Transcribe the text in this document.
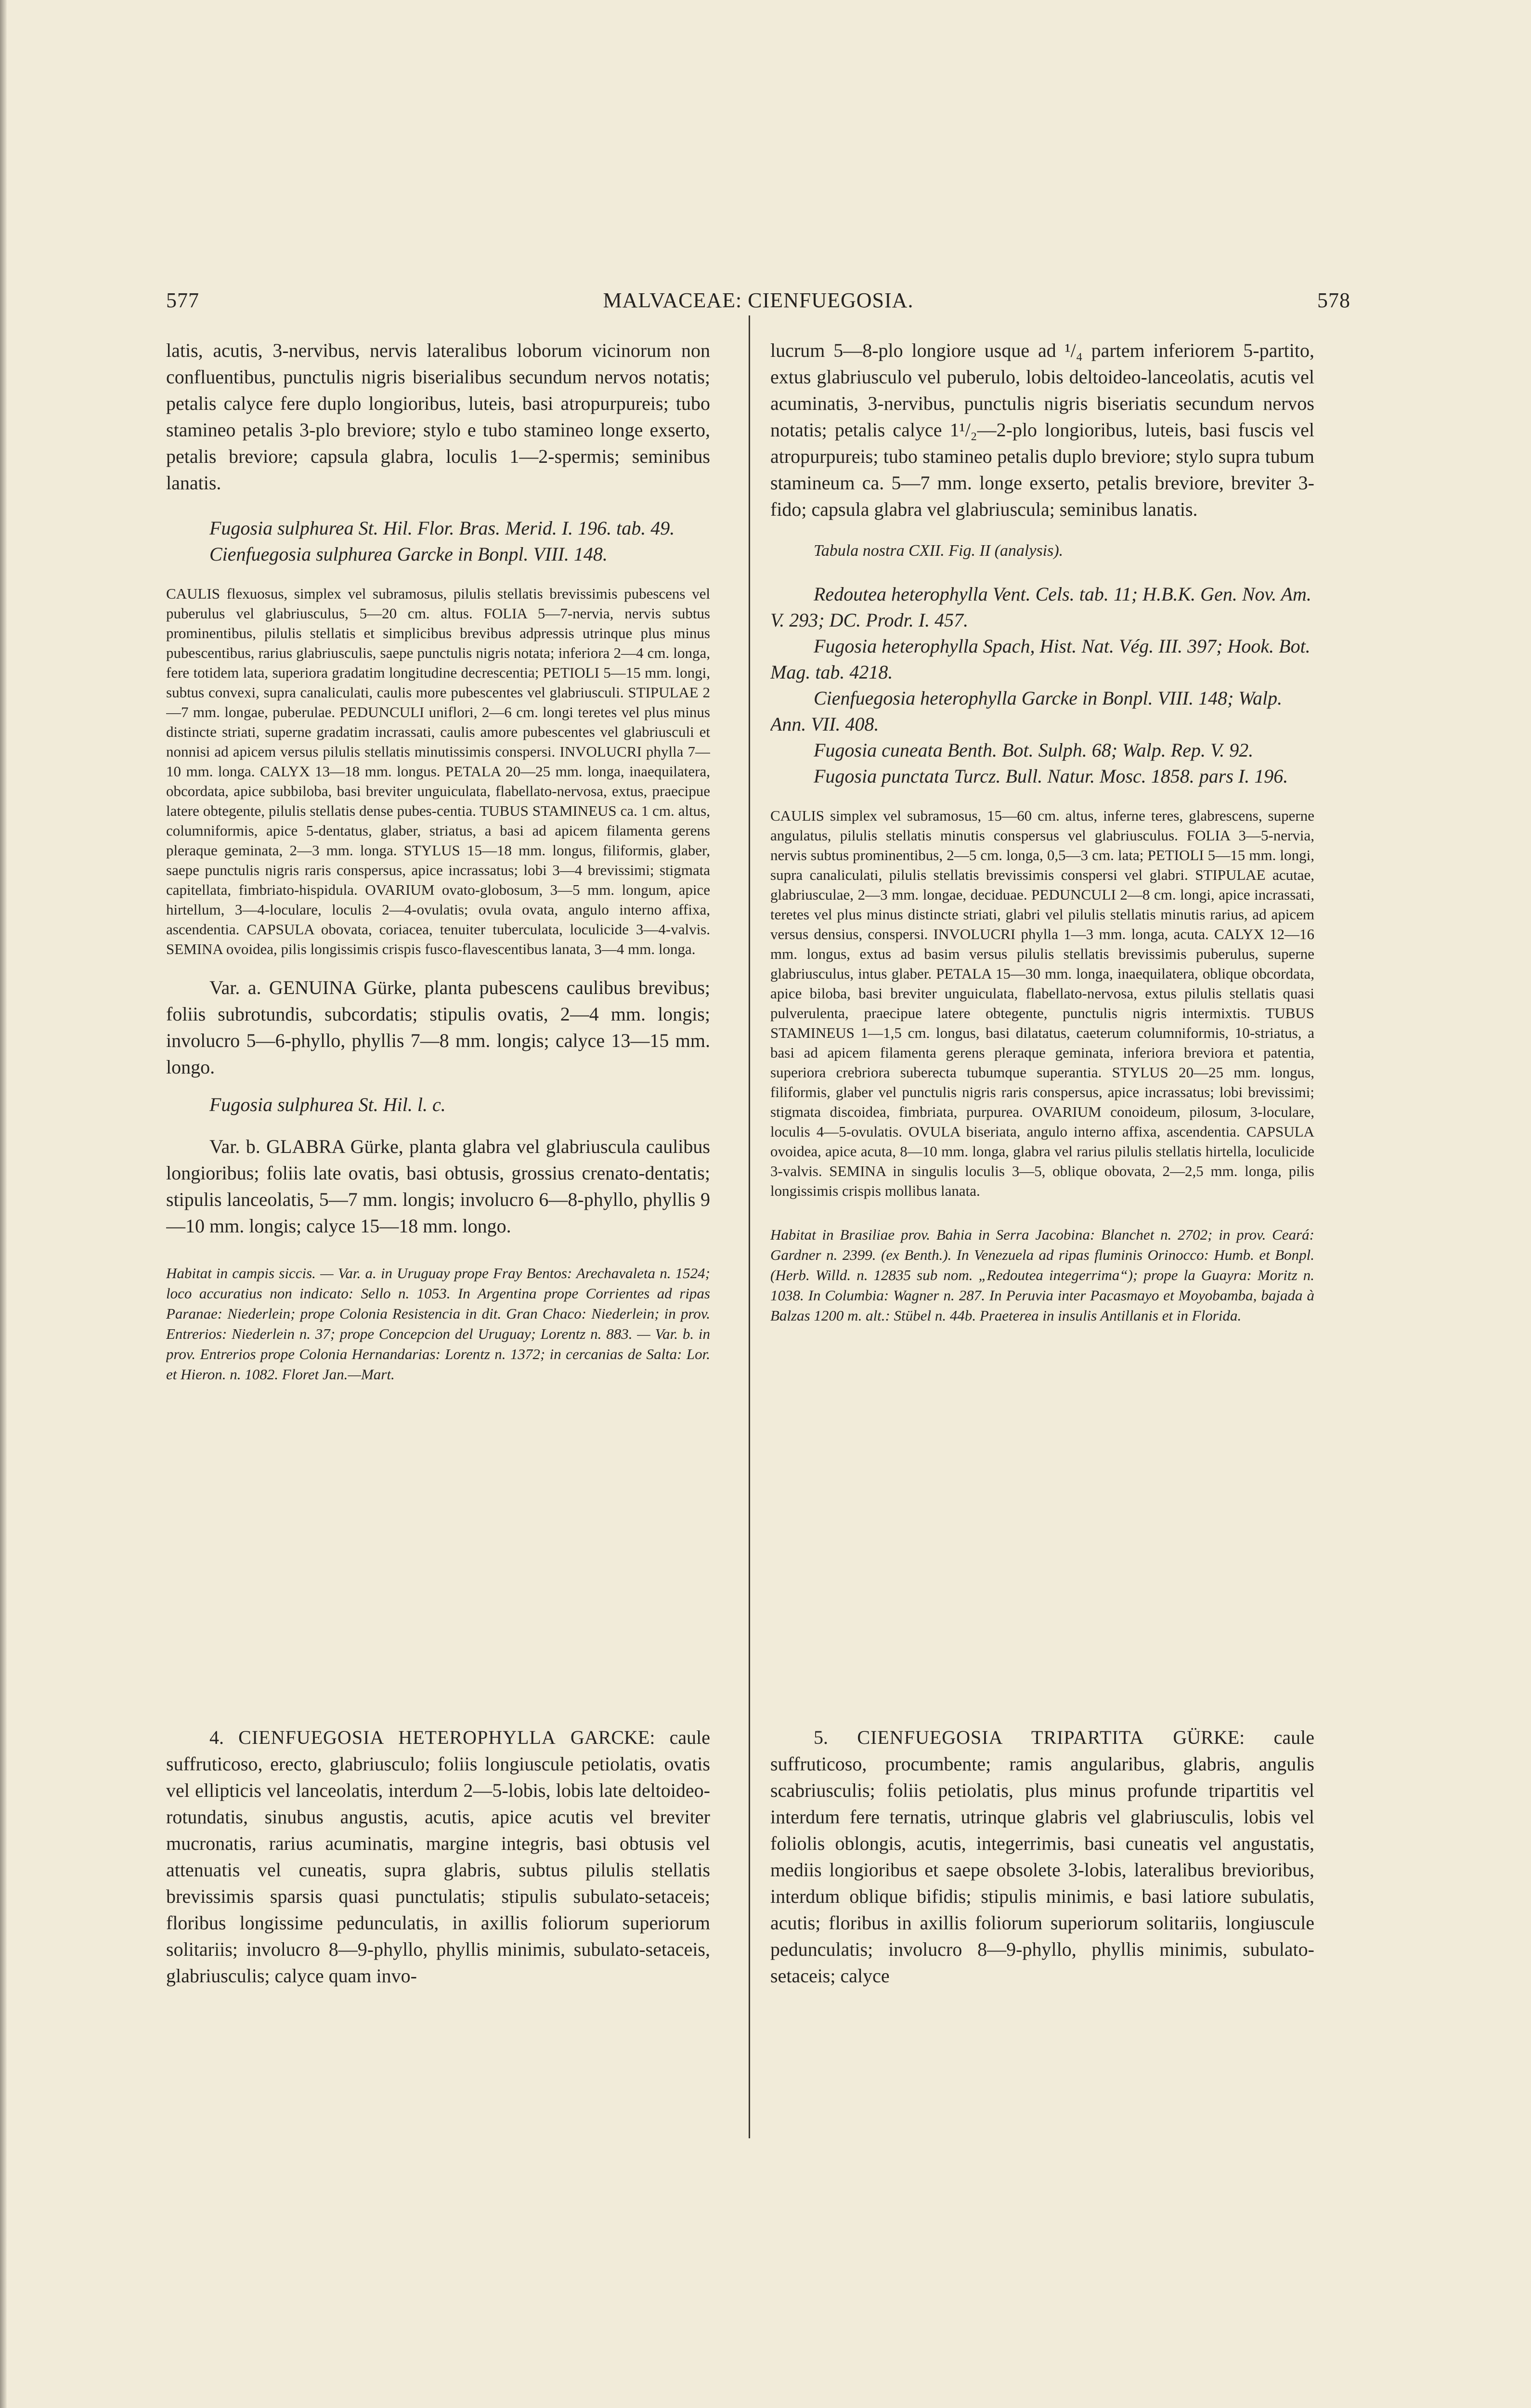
577	MALVACEAE: CIENFUEGOSIA.	578

latis, acutis, 3-nervibus, nervis lateralibus loborum vicinorum non confluentibus, punctulis nigris biserialibus secundum nervos notatis; petalis calyce fere duplo longioribus, luteis, basi atropurpureis; tubo stamineo petalis 3-plo breviore; stylo e tubo stamineo longe exserto, petalis breviore; capsula glabra, loculis 1—2-spermis; seminibus lanatis.

Fugosia sulphurea St. Hil. Flor. Bras. Merid. I. 196. tab. 49.
Cienfuegosia sulphurea Garcke in Bonpl. VIII. 148.

CAULIS flexuosus, simplex vel subramosus, pilulis stellatis brevissimis pubescens vel puberulus vel glabriusculus, 5—20 cm. altus. FOLIA 5—7-nervia, nervis subtus prominentibus, pilulis stellatis et simplicibus brevibus adpressis utrinque plus minus pubescentibus, rarius glabriusculis, saepe punctulis nigris notata; inferiora 2—4 cm. longa, fere totidem lata, superiora gradatim longitudine decrescentia; PETIOLI 5—15 mm. longi, subtus convexi, supra canaliculati, caulis more pubescentes vel glabriusculi. STIPULAE 2—7 mm. longae, puberulae. PEDUNCULI uniflori, 2—6 cm. longi teretes vel plus minus distincte striati, superne gradatim incrassati, caulis amore pubescentes vel glabriusculi et nonnisi ad apicem versus pilulis stellatis minutissimis conspersi. INVOLUCRI phylla 7—10 mm. longa. CALYX 13—18 mm. longus. PETALA 20—25 mm. longa, inaequilatera, obcordata, apice subbiloba, basi breviter unguiculata, flabellato-nervosa, extus, praecipue latere obtegente, pilulis stellatis dense pubes-centia. TUBUS STAMINEUS ca. 1 cm. altus, columniformis, apice 5-dentatus, glaber, striatus, a basi ad apicem filamenta gerens pleraque geminata, 2—3 mm. longa. STYLUS 15—18 mm. longus, filiformis, glaber, saepe punctulis nigris raris conspersus, apice incrassatus; lobi 3—4 brevissimi; stigmata capitellata, fimbriato-hispidula. OVARIUM ovato-globosum, 3—5 mm. longum, apice hirtellum, 3—4-loculare, loculis 2—4-ovulatis; ovula ovata, angulo interno affixa, ascendentia. CAPSULA obovata, coriacea, tenuiter tuberculata, loculicide 3—4-valvis. SEMINA ovoidea, pilis longissimis crispis fusco-flavescentibus lanata, 3—4 mm. longa.

Var. a. GENUINA Gürke, planta pubescens caulibus brevibus; foliis subrotundis, subcordatis; stipulis ovatis, 2—4 mm. longis; involucro 5—6-phyllo, phyllis 7—8 mm. longis; calyce 13—15 mm. longo.

Fugosia sulphurea St. Hil. l. c.

Var. b. GLABRA Gürke, planta glabra vel glabriuscula caulibus longioribus; foliis late ovatis, basi obtusis, grossius crenato-dentatis; stipulis lanceolatis, 5—7 mm. longis; involucro 6—8-phyllo, phyllis 9—10 mm. longis; calyce 15—18 mm. longo.

Habitat in campis siccis. — Var. a. in Uruguay prope Fray Bentos: Arechavaleta n. 1524; loco accuratius non indicato: Sello n. 1053. In Argentina prope Corrientes ad ripas Paranae: Niederlein; prope Colonia Resistencia in dit. Gran Chaco: Niederlein; in prov. Entrerios: Niederlein n. 37; prope Concepcion del Uruguay; Lorentz n. 883. — Var. b. in prov. Entrerios prope Colonia Hernandarias: Lorentz n. 1372; in cercanias de Salta: Lor. et Hieron. n. 1082. Floret Jan.—Mart.

lucrum 5—8-plo longiore usque ad ¹/₄ partem inferiorem 5-partito, extus glabriusculo vel puberulo, lobis deltoideo-lanceolatis, acutis vel acuminatis, 3-nervibus, punctulis nigris biseriatis secundum nervos notatis; petalis calyce 1¹/₂—2-plo longioribus, luteis, basi fuscis vel atropurpureis; tubo stamineo petalis duplo breviore; stylo supra tubum stamineum ca. 5—7 mm. longe exserto, petalis breviore, breviter 3-fido; capsula glabra vel glabriuscula; seminibus lanatis.

Tabula nostra CXII. Fig. II (analysis).

Redoutea heterophylla Vent. Cels. tab. 11; H.B.K. Gen. Nov. Am. V. 293; DC. Prodr. I. 457.
Fugosia heterophylla Spach, Hist. Nat. Vég. III. 397; Hook. Bot. Mag. tab. 4218.
Cienfuegosia heterophylla Garcke in Bonpl. VIII. 148; Walp. Ann. VII. 408.
Fugosia cuneata Benth. Bot. Sulph. 68; Walp. Rep. V. 92.
Fugosia punctata Turcz. Bull. Natur. Mosc. 1858. pars I. 196.

CAULIS simplex vel subramosus, 15—60 cm. altus, inferne teres, glabrescens, superne angulatus, pilulis stellatis minutis conspersus vel glabriusculus. FOLIA 3—5-nervia, nervis subtus prominentibus, 2—5 cm. longa, 0,5—3 cm. lata; PETIOLI 5—15 mm. longi, supra canaliculati, pilulis stellatis brevissimis conspersi vel glabri. STIPULAE acutae, glabriusculae, 2—3 mm. longae, deciduae. PEDUNCULI 2—8 cm. longi, apice incrassati, teretes vel plus minus distincte striati, glabri vel pilulis stellatis minutis rarius, ad apicem versus densius, conspersi. INVOLUCRI phylla 1—3 mm. longa, acuta. CALYX 12—16 mm. longus, extus ad basim versus pilulis stellatis brevissimis puberulus, superne glabriusculus, intus glaber. PETALA 15—30 mm. longa, inaequilatera, oblique obcordata, apice biloba, basi breviter unguiculata, flabellato-nervosa, extus pilulis stellatis quasi pulverulenta, praecipue latere obtegente, punctulis nigris intermixtis. TUBUS STAMINEUS 1—1,5 cm. longus, basi dilatatus, caeterum columniformis, 10-striatus, a basi ad apicem filamenta gerens pleraque geminata, inferiora breviora et patentia, superiora crebriora suberecta tubumque superantia. STYLUS 20—25 mm. longus, filiformis, glaber vel punctulis nigris raris conspersus, apice incrassatus; lobi brevissimi; stigmata discoidea, fimbriata, purpurea. OVARIUM conoideum, pilosum, 3-loculare, loculis 4—5-ovulatis. OVULA biseriata, angulo interno affixa, ascendentia. CAPSULA ovoidea, apice acuta, 8—10 mm. longa, glabra vel rarius pilulis stellatis hirtella, loculicide 3-valvis. SEMINA in singulis loculis 3—5, oblique obovata, 2—2,5 mm. longa, pilis longissimis crispis mollibus lanata.

Habitat in Brasiliae prov. Bahia in Serra Jacobina: Blanchet n. 2702; in prov. Ceará: Gardner n. 2399. (ex Benth.). In Venezuela ad ripas fluminis Orinocco: Humb. et Bonpl. (Herb. Willd. n. 12835 sub nom. „Redoutea integerrima“); prope la Guayra: Moritz n. 1038. In Columbia: Wagner n. 287. In Peruvia inter Pacasmayo et Moyobamba, bajada à Balzas 1200 m. alt.: Stübel n. 44b. Praeterea in insulis Antillanis et in Florida.

4. CIENFUEGOSIA HETEROPHYLLA GARCKE: caule suffruticoso, erecto, glabriusculo; foliis longiuscule petiolatis, ovatis vel ellipticis vel lanceolatis, interdum 2—5-lobis, lobis late deltoideo-rotundatis, sinubus angustis, acutis, apice acutis vel breviter mucronatis, rarius acuminatis, margine integris, basi obtusis vel attenuatis vel cuneatis, supra glabris, subtus pilulis stellatis brevissimis sparsis quasi punctulatis; stipulis subulato-setaceis; floribus longissime pedunculatis, in axillis foliorum superiorum solitariis; involucro 8—9-phyllo, phyllis minimis, subulato-setaceis, glabriusculis; calyce quam invo-

5. CIENFUEGOSIA TRIPARTITA GÜRKE: caule suffruticoso, procumbente; ramis angularibus, glabris, angulis scabriusculis; foliis petiolatis, plus minus profunde tripartitis vel interdum fere ternatis, utrinque glabris vel glabriusculis, lobis vel foliolis oblongis, acutis, integerrimis, basi cuneatis vel angustatis, mediis longioribus et saepe obsolete 3-lobis, lateralibus brevioribus, interdum oblique bifidis; stipulis minimis, e basi latiore subulatis, acutis; floribus in axillis foliorum superiorum solitariis, longiuscule pedunculatis; involucro 8—9-phyllo, phyllis minimis, subulato-setaceis; calyce
